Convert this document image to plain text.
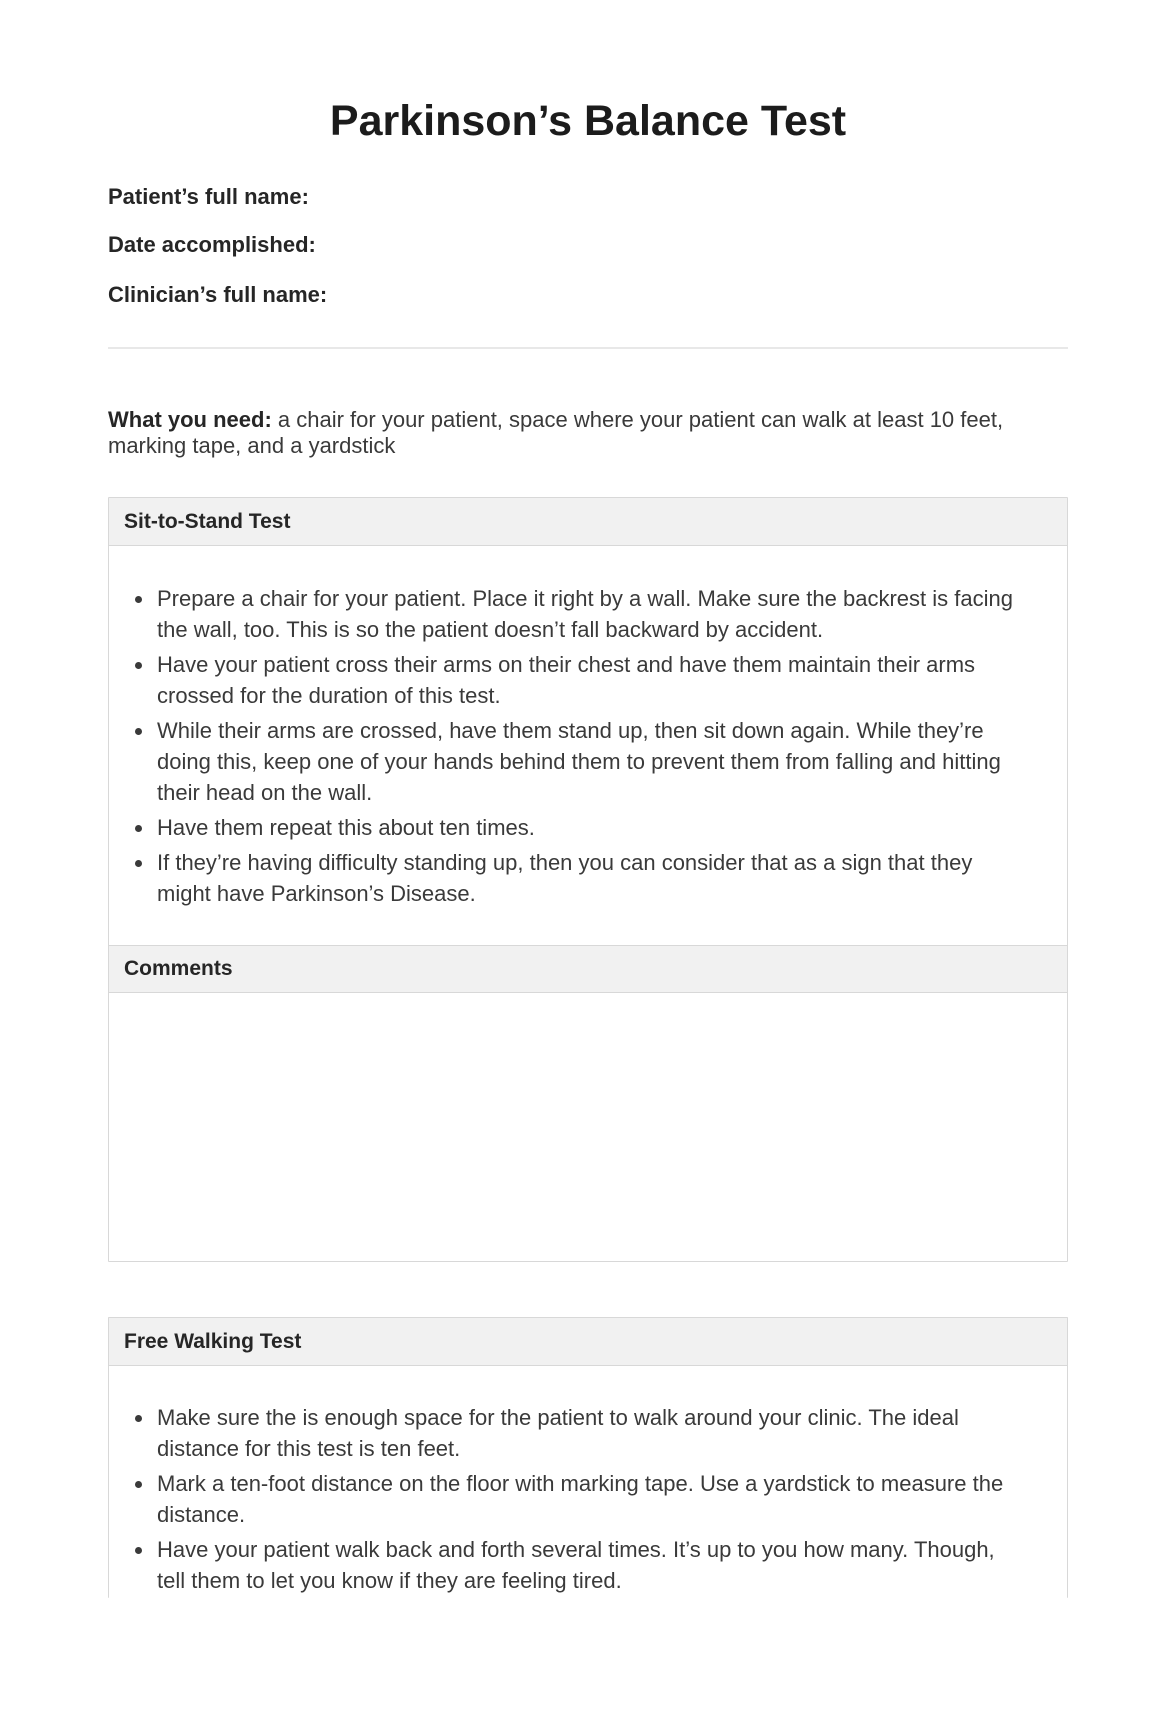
Parkinson’s Balance Test
Patient’s full name:
Date accomplished:
Clinician’s full name:

What you need: a chair for your patient, space where your patient can walk at least 10 feet, marking tape, and a yardstick

Sit-to-Stand Test
• Prepare a chair for your patient. Place it right by a wall. Make sure the backrest is facing the wall, too. This is so the patient doesn’t fall backward by accident.
• Have your patient cross their arms on their chest and have them maintain their arms crossed for the duration of this test.
• While their arms are crossed, have them stand up, then sit down again. While they’re doing this, keep one of your hands behind them to prevent them from falling and hitting their head on the wall.
• Have them repeat this about ten times.
• If they’re having difficulty standing up, then you can consider that as a sign that they might have Parkinson’s Disease.
Comments
Free Walking Test
• Make sure the is enough space for the patient to walk around your clinic. The ideal distance for this test is ten feet.
• Mark a ten-foot distance on the floor with marking tape. Use a yardstick to measure the distance.
• Have your patient walk back and forth several times. It’s up to you how many. Though, tell them to let you know if they are feeling tired.
